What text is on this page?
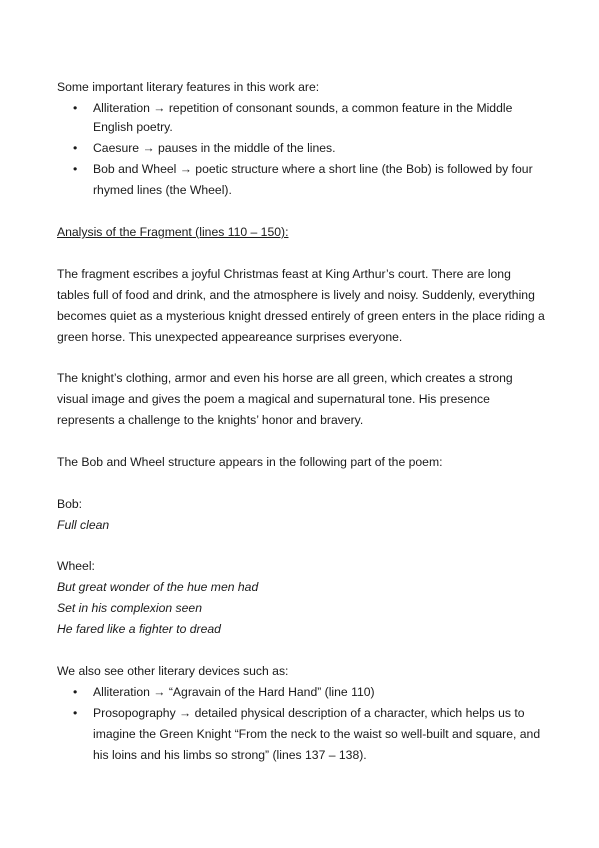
Some important literary features in this work are:
• Alliteration → repetition of consonant sounds, a common feature in the Middle
English poetry.
• Caesure → pauses in the middle of the lines.
• Bob and Wheel → poetic structure where a short line (the Bob) is followed by four
rhymed lines (the Wheel).
Analysis of the Fragment (lines 110 – 150):
The fragment escribes a joyful Christmas feast at King Arthur’s court. There are long
tables full of food and drink, and the atmosphere is lively and noisy. Suddenly, everything
becomes quiet as a mysterious knight dressed entirely of green enters in the place riding a
green horse. This unexpected appeareance surprises everyone.
The knight’s clothing, armor and even his horse are all green, which creates a strong
visual image and gives the poem a magical and supernatural tone. His presence
represents a challenge to the knights’ honor and bravery.
The Bob and Wheel structure appears in the following part of the poem:
Bob:
Full clean
Wheel:
But great wonder of the hue men had
Set in his complexion seen
He fared like a fighter to dread
We also see other literary devices such as:
• Alliteration → “Agravain of the Hard Hand” (line 110)
• Prosopography → detailed physical description of a character, which helps us to
imagine the Green Knight “From the neck to the waist so well-built and square, and
his loins and his limbs so strong” (lines 137 – 138).
